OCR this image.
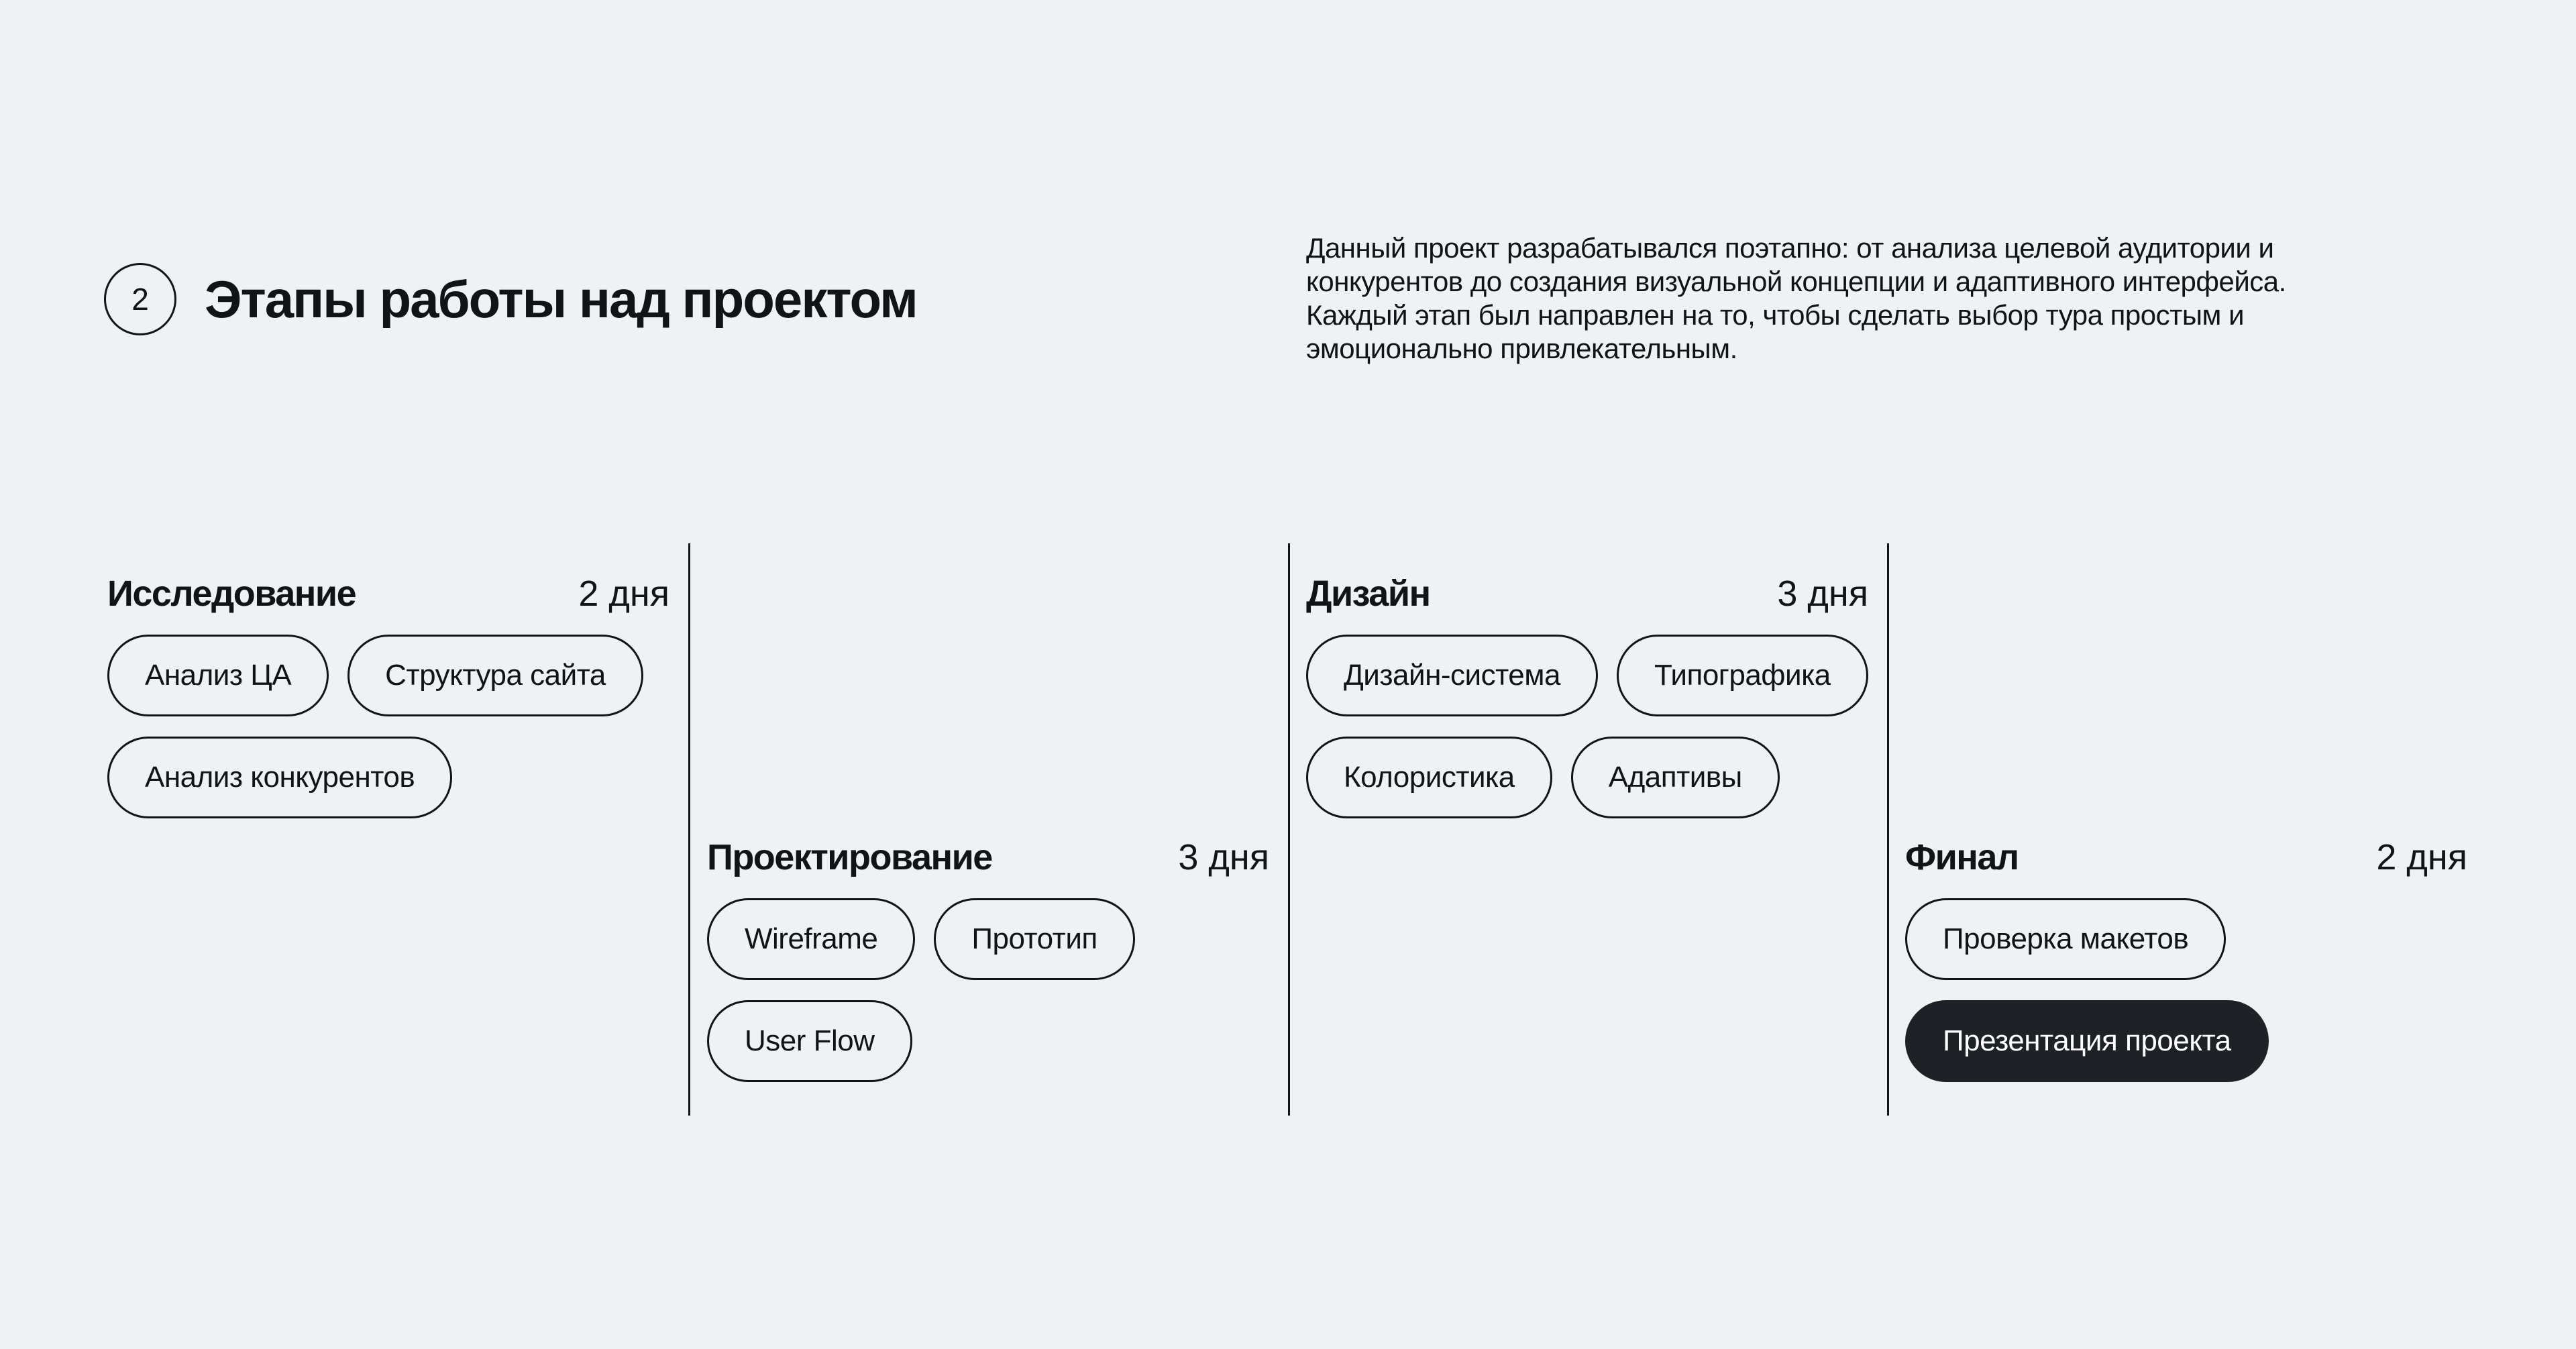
2 Этапы работы над проектом

Данный проект разрабатывался поэтапно: от анализа целевой аудитории и конкурентов до создания визуальной концепции и адаптивного интерфейса. Каждый этап был направлен на то, чтобы сделать выбор тура простым и эмоционально привлекательным.

Исследование	2 дня
Анализ ЦА	Структура сайта
Анализ конкурентов
Проектирование	3 дня
Wireframe	Прототип
User Flow
Дизайн	3 дня
Дизайн-система	Типографика
Колористика	Адаптивы
Финал	2 дня
Проверка макетов
Презентация проекта
